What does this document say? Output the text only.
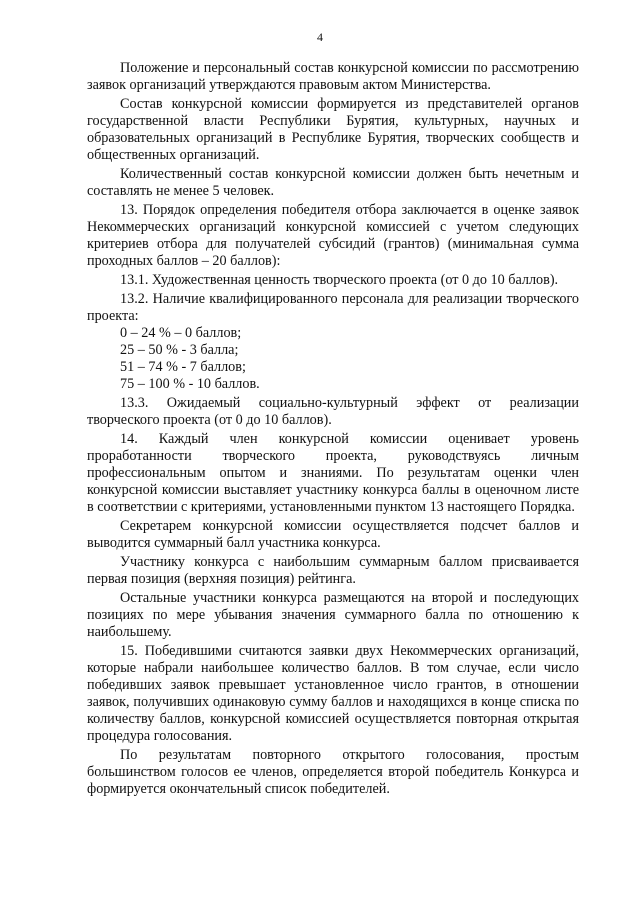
4

Положение и персональный состав конкурсной комиссии по рассмотрению заявок организаций утверждаются правовым актом Министерства.

Состав конкурсной комиссии формируется из представителей органов государственной власти Республики Бурятия, культурных, научных и образовательных организаций в Республике Бурятия, творческих сообществ и общественных организаций.

Количественный состав конкурсной комиссии должен быть нечетным и составлять не менее 5 человек.

13. Порядок определения победителя отбора заключается в оценке заявок Некоммерческих организаций конкурсной комиссией с учетом следующих критериев отбора для получателей субсидий (грантов) (минимальная сумма проходных баллов – 20 баллов):

13.1. Художественная ценность творческого проекта (от 0 до 10 баллов).

13.2. Наличие квалифицированного персонала для реализации творческого проекта:

0 – 24 % – 0 баллов;

25 – 50 % - 3 балла;

51 – 74 % - 7 баллов;

75 – 100 % - 10 баллов.

13.3. Ожидаемый социально-культурный эффект от реализации творческого проекта (от 0 до 10 баллов).

14. Каждый член конкурсной комиссии оценивает уровень проработанности творческого проекта, руководствуясь личным профессиональным опытом и знаниями. По результатам оценки член конкурсной комиссии выставляет участнику конкурса баллы в оценочном листе в соответствии с критериями, установленными пунктом 13 настоящего Порядка.

Секретарем конкурсной комиссии осуществляется подсчет баллов и выводится суммарный балл участника конкурса.

Участнику конкурса с наибольшим суммарным баллом присваивается первая позиция (верхняя позиция) рейтинга.

Остальные участники конкурса размещаются на второй и последующих позициях по мере убывания значения суммарного балла по отношению к наибольшему.

15. Победившими считаются заявки двух Некоммерческих организаций, которые набрали наибольшее количество баллов. В том случае, если число победивших заявок превышает установленное число грантов, в отношении заявок, получивших одинаковую сумму баллов и находящихся в конце списка по количеству баллов, конкурсной комиссией осуществляется повторная открытая процедура голосования.

По результатам повторного открытого голосования, простым большинством голосов ее членов, определяется второй победитель Конкурса и формируется окончательный список победителей.
